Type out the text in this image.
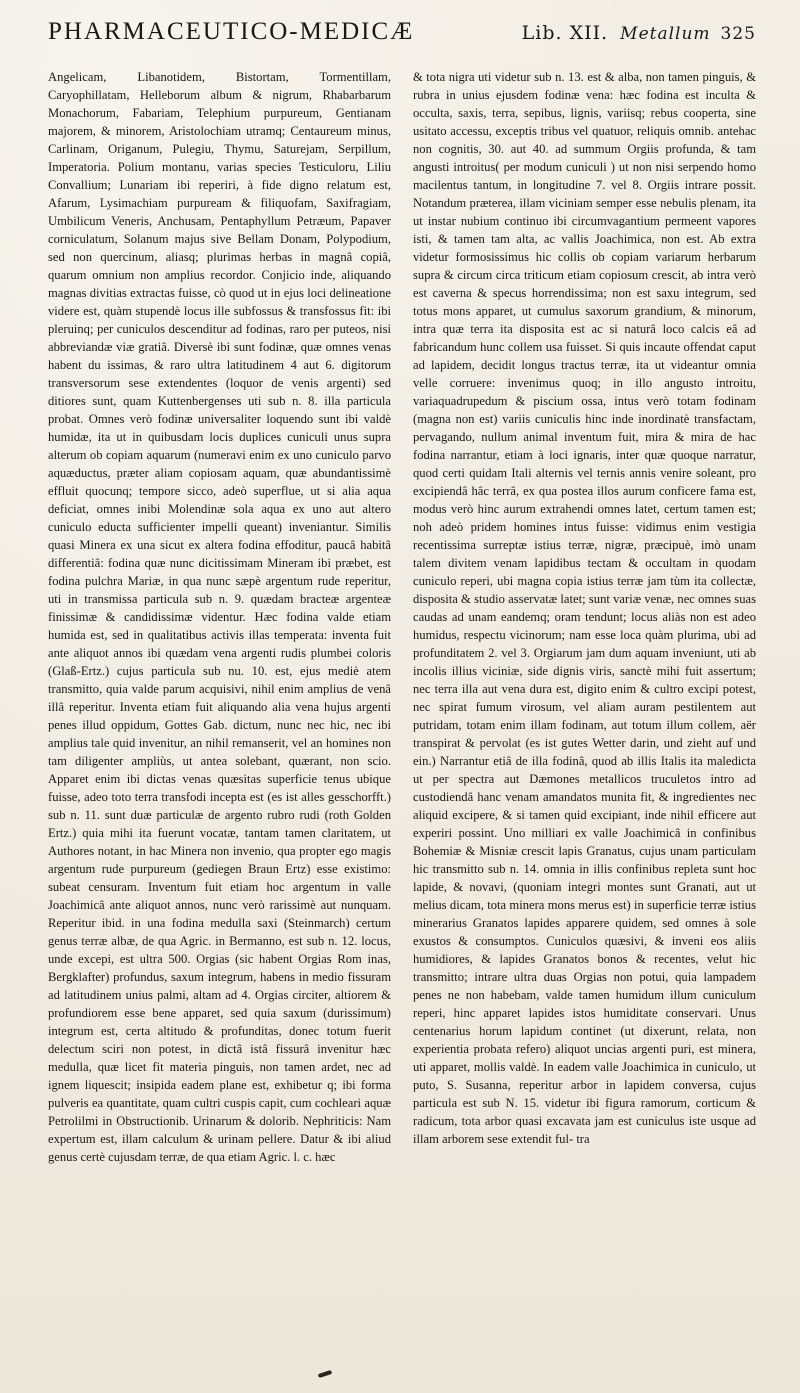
PHARMACEUTICO-MEDICÆ	Lib. XII. Metallum 325

Angelicam, Libanotidem, Bistortam, Tormentillam, Caryophillatam, Helleborum album & nigrum, Rhabarbarum Monachorum, Fabariam, Telephium purpureum, Gentianam majorem, & minorem, Aristolochiam utramq; Centaureum minus, Carlinam, Origanum, Pulegiu, Thymu, Saturejam, Serpillum, Imperatoria. Polium montanu, varias species Testiculoru, Liliu Convallium; Lunariam ibi reperiri, à fide digno relatum est, Afarum, Lysimachiam purpuream & filiquofam, Saxifragiam, Umbilicum Veneris, Anchusam, Pentaphyllum Petræum, Papaver corniculatum, Solanum majus sive Bellam Donam, Polypodium, sed non quercinum, aliasq; plurimas herbas in magnâ copiâ, quarum omnium non amplius recordor. Conjicio inde, aliquando magnas divitias extractas fuisse, cò quod ut in ejus loci delineatione videre est, quàm stupendè locus ille subfossus & transfossus fit: ibi pleruinq; per cuniculos descenditur ad fodinas, raro per puteos, nisi abbreviandæ viæ gratiâ. Diversè ibi sunt fodinæ, quæ omnes venas habent du issimas, & raro ultra latitudinem 4 aut 6. digitorum transversorum sese extendentes (loquor de venis argenti) sed ditiores sunt, quam Kuttenbergenses uti sub n. 8. illa particula probat. Omnes verò fodinæ universaliter loquendo sunt ibi valdè humidæ, ita ut in quibusdam locis duplices cuniculi unus supra alterum ob copiam aquarum (numeravi enim ex uno cuniculo parvo aquæductus, præter aliam copiosam aquam, quæ abundantissimè effluit quocunq; tempore sicco, adeò superflue, ut si alia aqua deficiat, omnes inibi Molendinæ sola aqua ex uno aut altero cuniculo educta sufficienter impelli queant) inveniantur. Similis quasi Minera ex una sicut ex altera fodina effoditur, paucâ habitâ differentiâ: fodina quæ nunc dicitissimam Mineram ibi præbet, est fodina pulchra Mariæ, in qua nunc sæpè argentum rude reperitur, uti in transmissa particula sub n. 9. quædam bracteæ argenteæ finissimæ & candidissimæ videntur. Hæc fodina valde etiam humida est, sed in qualitatibus activis illas temperata: inventa fuit ante aliquot annos ibi quædam vena argenti rudis plumbei coloris (Glaß-Ertz.) cujus particula sub nu. 10. est, ejus mediè atem transmitto, quia valde parum acquisivi, nihil enim amplius de venâ illâ reperitur. Inventa etiam fuit aliquando alia vena hujus argenti penes illud oppidum, Gottes Gab. dictum, nunc nec hic, nec ibi amplius tale quid invenitur, an nihil remanserit, vel an homines non tam diligenter ampliùs, ut antea solebant, quærant, non scio. Apparet enim ibi dictas venas quæsitas superficie tenus ubique fuisse, adeo toto terra transfodi incepta est (es ist alles gesschorfft.) sub n. 11. sunt duæ particulæ de argento rubro rudi (roth Golden Ertz.) quia mihi ita fuerunt vocatæ, tantam tamen claritatem, ut Authores notant, in hac Minera non invenio, qua propter ego magis argentum rude purpureum (gediegen Braun Ertz) esse existimo: subeat censuram. Inventum fuit etiam hoc argentum in valle Joachimicâ ante aliquot annos, nunc verò rarissimè aut nunquam. Reperitur ibid. in una fodina medulla saxi (Steinmarch) certum genus terræ albæ, de qua Agric. in Bermanno, est sub n. 12. locus, unde excepi, est ultra 500. Orgias (sic habent Orgias Rom inas, Bergklafter) profundus, saxum integrum, habens in medio fissuram ad latitudinem unius palmi, altam ad 4. Orgias circiter, altiorem & profundiorem esse bene apparet, sed quia saxum (durissimum) integrum est, certa altitudo & profunditas, donec totum fuerit delectum sciri non potest, in dictâ istâ fissurâ invenitur hæc medulla, quæ licet fit materia pinguis, non tamen ardet, nec ad ignem liquescit; insipida eadem plane est, exhibetur q; ibi forma pulveris ea quantitate, quam cultri cuspis capit, cum cochleari aquæ Petrolilmi in Obstructionib. Urinarum & dolorib. Nephriticis: Nam expertum est, illam calculum & urinam pellere. Datur & ibi aliud genus certè cujusdam terræ, de qua etiam Agric. l. c. hæc

& tota nigra uti videtur sub n. 13. est & alba, non tamen pinguis, & rubra in unius ejusdem fodinæ vena: hæc fodina est inculta & occulta, saxis, terra, sepibus, lignis, variisq; rebus cooperta, sine usitato accessu, exceptis tribus vel quatuor, reliquis omnib. antehac non cognitis, 30. aut 40. ad summum Orgiis profunda, & tam angusti introitus( per modum cuniculi ) ut non nisi serpendo homo macilentus tantum, in longitudine 7. vel 8. Orgiis intrare possit. Notandum præterea, illam viciniam semper esse nebulis plenam, ita ut instar nubium continuo ibi circumvagantium permeent vapores isti, & tamen tam alta, ac vallis Joachimica, non est. Ab extra videtur formosissimus hic collis ob copiam variarum herbarum supra & circum circa triticum etiam copiosum crescit, ab intra verò est caverna & specus horrendissima; non est saxu integrum, sed totus mons apparet, ut cumulus saxorum grandium, & minorum, intra quæ terra ita disposita est ac si naturâ loco calcis eâ ad fabricandum hunc collem usa fuisset. Si quis incaute offendat caput ad lapidem, decidit longus tractus terræ, ita ut videantur omnia velle corruere: invenimus quoq; in illo angusto introitu, variaquadrupedum & piscium ossa, intus verò totam fodinam (magna non est) variis cuniculis hinc inde inordinatè transfactam, pervagando, nullum animal inventum fuit, mira & mira de hac fodina narrantur, etiam à loci ignaris, inter quæ quoque narratur, quod certi quidam Itali alternis vel ternis annis venire soleant, pro excipiendâ hâc terrâ, ex qua postea illos aurum conficere fama est, modus verò hinc aurum extrahendi omnes latet, certum tamen est; noh adeò pridem homines intus fuisse: vidimus enim vestigia recentissima surreptæ istius terræ, nigræ, præcipuè, imò unam talem divitem venam lapidibus tectam & occultam in quodam cuniculo reperi, ubi magna copia istius terræ jam tùm ita collectæ, disposita & studio asservatæ latet; sunt variæ venæ, nec omnes suas caudas ad unam eandemq; oram tendunt; locus aliàs non est adeo humidus, respectu vicinorum; nam esse loca quàm plurima, ubi ad profunditatem 2. vel 3. Orgiarum jam dum aquam inveniunt, uti ab incolis illius viciniæ, side dignis viris, sanctè mihi fuit assertum; nec terra illa aut vena dura est, digito enim & cultro excipi potest, nec spirat fumum virosum, vel aliam auram pestilentem aut putridam, totam enim illam fodinam, aut totum illum collem, aër transpirat & pervolat (es ist gutes Wetter darin, und zieht auf und ein.) Narrantur etiâ de illa fodinâ, quod ab illis Italis ita maledicta ut per spectra aut Dæmones metallicos truculetos intro ad custodiendâ hanc venam amandatos munita fit, & ingredientes nec aliquid excipere, & si tamen quid excipiant, inde nihil efficere aut experiri possint. Uno milliari ex valle Joachimicâ in confinibus Bohemiæ & Misniæ crescit lapis Granatus, cujus unam particulam hic transmitto sub n. 14. omnia in illis confinibus repleta sunt hoc lapide, & novavi, (quoniam integri montes sunt Granati, aut ut melius dicam, tota minera mons merus est) in superficie terræ istius minerarius Granatos lapides apparere quidem, sed omnes à sole exustos & consumptos. Cuniculos quæsivi, & inveni eos aliis humidiores, & lapides Granatos bonos & recentes, velut hic transmitto; intrare ultra duas Orgias non potui, quia lampadem penes ne non habebam, valde tamen humidum illum cuniculum reperi, hinc apparet lapides istos humiditate conservari. Unus centenarius horum lapidum continet (ut dixerunt, relata, non experientia probata refero) aliquot uncias argenti puri, est minera, uti apparet, mollis valdè. In eadem valle Joachimica in cuniculo, ut puto, S. Susanna, reperitur arbor in lapidem conversa, cujus particula est sub N. 15. videtur ibi figura ramorum, corticum & radicum, tota arbor quasi excavata jam est cuniculus iste usque ad illam arborem sese extendit ful- tra
